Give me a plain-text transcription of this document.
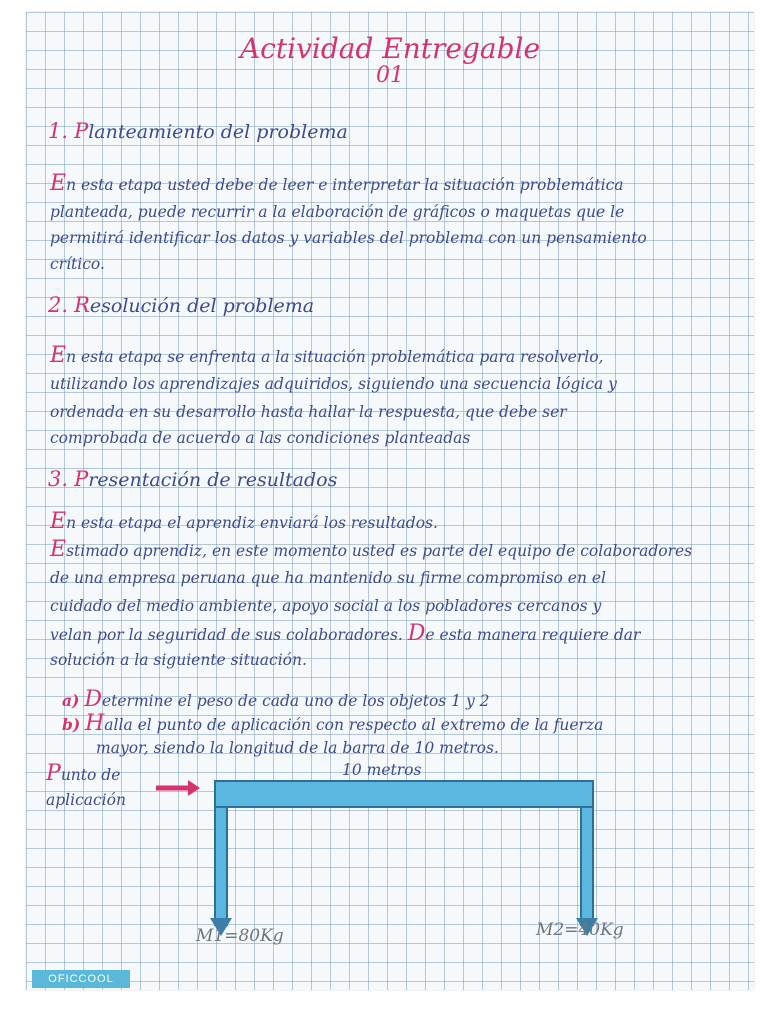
Actividad Entregable
01
1. Planteamiento del problema
En esta etapa usted debe de leer e interpretar la situación problemática
planteada, puede recurrir a la elaboración de gráficos o maquetas que le
permitirá identificar los datos y variables del problema con un pensamiento
crítico.
2. Resolución del problema
En esta etapa se enfrenta a la situación problemática para resolverlo,
utilizando los aprendizajes adquiridos, siguiendo una secuencia lógica y
ordenada en su desarrollo hasta hallar la respuesta, que debe ser
comprobada de acuerdo a las condiciones planteadas
3. Presentación de resultados
En esta etapa el aprendiz enviará los resultados.
Estimado aprendiz, en este momento usted es parte del equipo de colaboradores
de una empresa peruana que ha mantenido su firme compromiso en el
cuidado del medio ambiente, apoyo social a los pobladores cercanos y
velan por la seguridad de sus colaboradores. De esta manera requiere dar
solución a la siguiente situación.
a) Determine el peso de cada uno de los objetos 1 y 2
b) Halla el punto de aplicación con respecto al extremo de la fuerza
mayor, siendo la longitud de la barra de 10 metros.
Punto de
aplicación
10 metros
M1=80Kg	M2=40Kg
OFICCOOL
